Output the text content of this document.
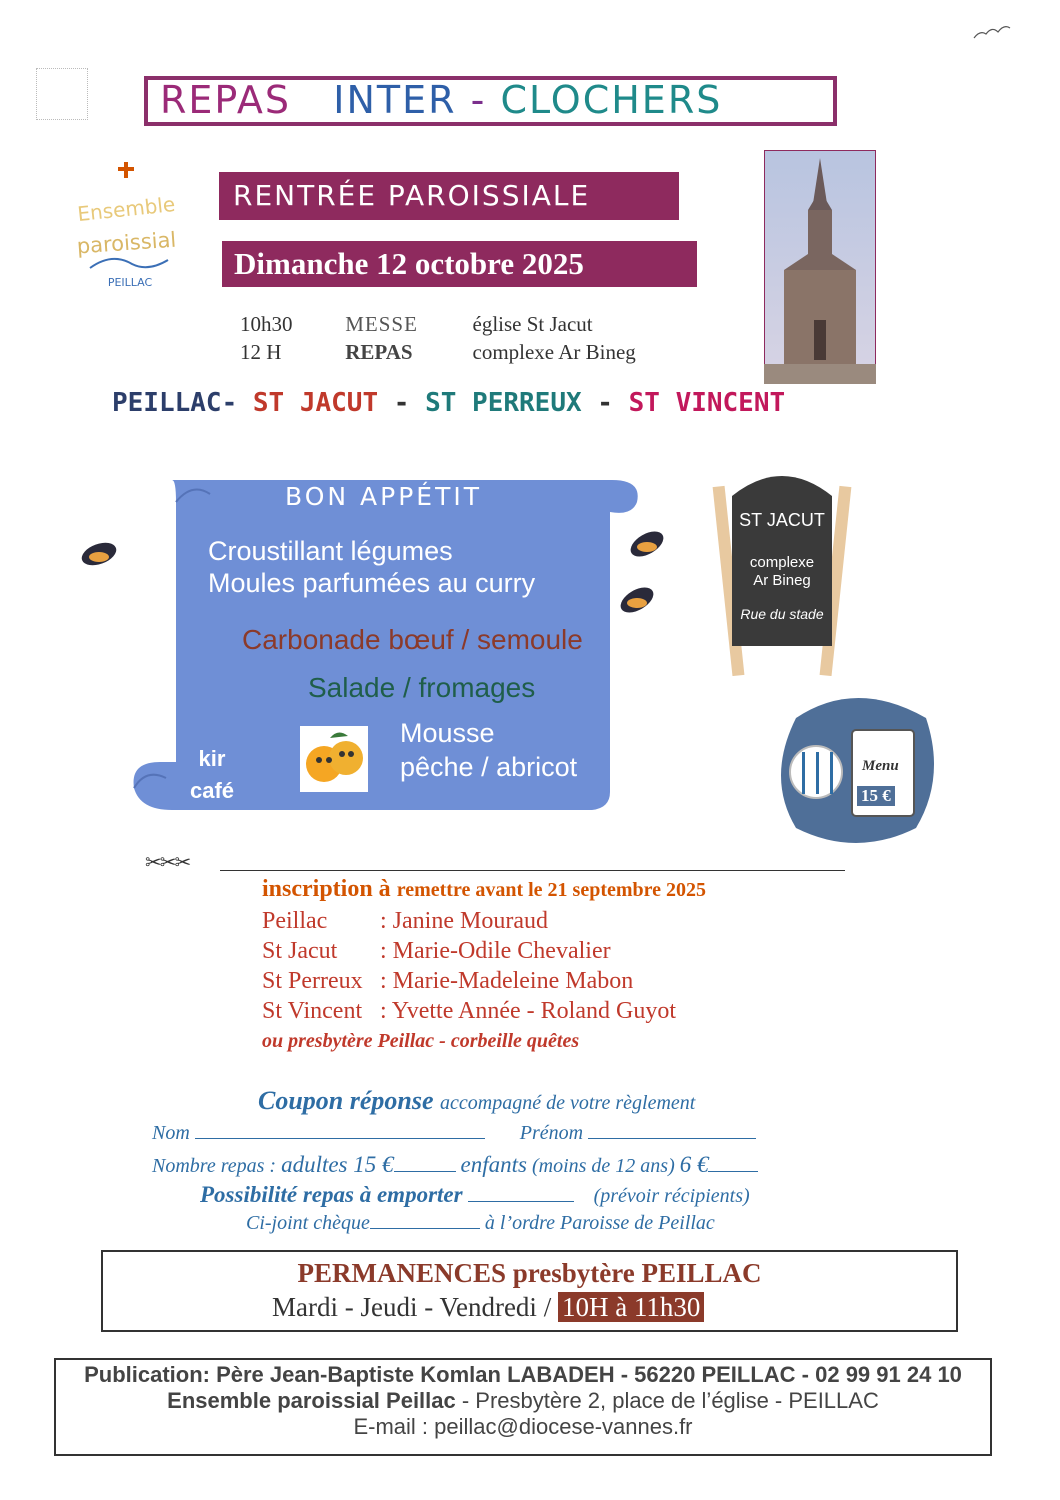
REPAS INTER - CLOCHERS
Ensemble
paroissial
PEILLAC
RENTRÉE PAROISSIALE
Dimanche 12 octobre 2025
10h30	MESSE	église St Jacut
12 H	REPAS	complexe Ar Bineg
PEILLAC- ST JACUT - ST PERREUX - ST VINCENT
BON APPÉTIT
Croustillant légumes
Moules parfumées au curry
Carbonade bœuf / semoule
Salade / fromages
Mousse
pêche / abricot
kir
café
ST JACUT
complexe
Ar Bineg
Rue du stade
Menu
15 €
✂✂✂
inscription à remettre avant le 21 septembre 2025
Peillac : Janine Mouraud
St Jacut : Marie-Odile Chevalier
St Perreux : Marie-Madeleine Mabon
St Vincent : Yvette Année - Roland Guyot
ou presbytère Peillac - corbeille quêtes
Coupon réponse accompagné de votre règlement
Nom	Prénom
Nombre repas : adultes 15 €	enfants (moins de 12 ans) 6 €
Possibilité repas à emporter	(prévoir récipients)
Ci-joint chèque	à l’ordre Paroisse de Peillac
PERMANENCES presbytère PEILLAC
Mardi - Jeudi - Vendredi / 10H à 11h30
Publication: Père Jean-Baptiste Komlan LABADEH - 56220 PEILLAC - 02 99 91 24 10
Ensemble paroissial Peillac - Presbytère 2, place de l’église - PEILLAC
E-mail : peillac@diocese-vannes.fr
